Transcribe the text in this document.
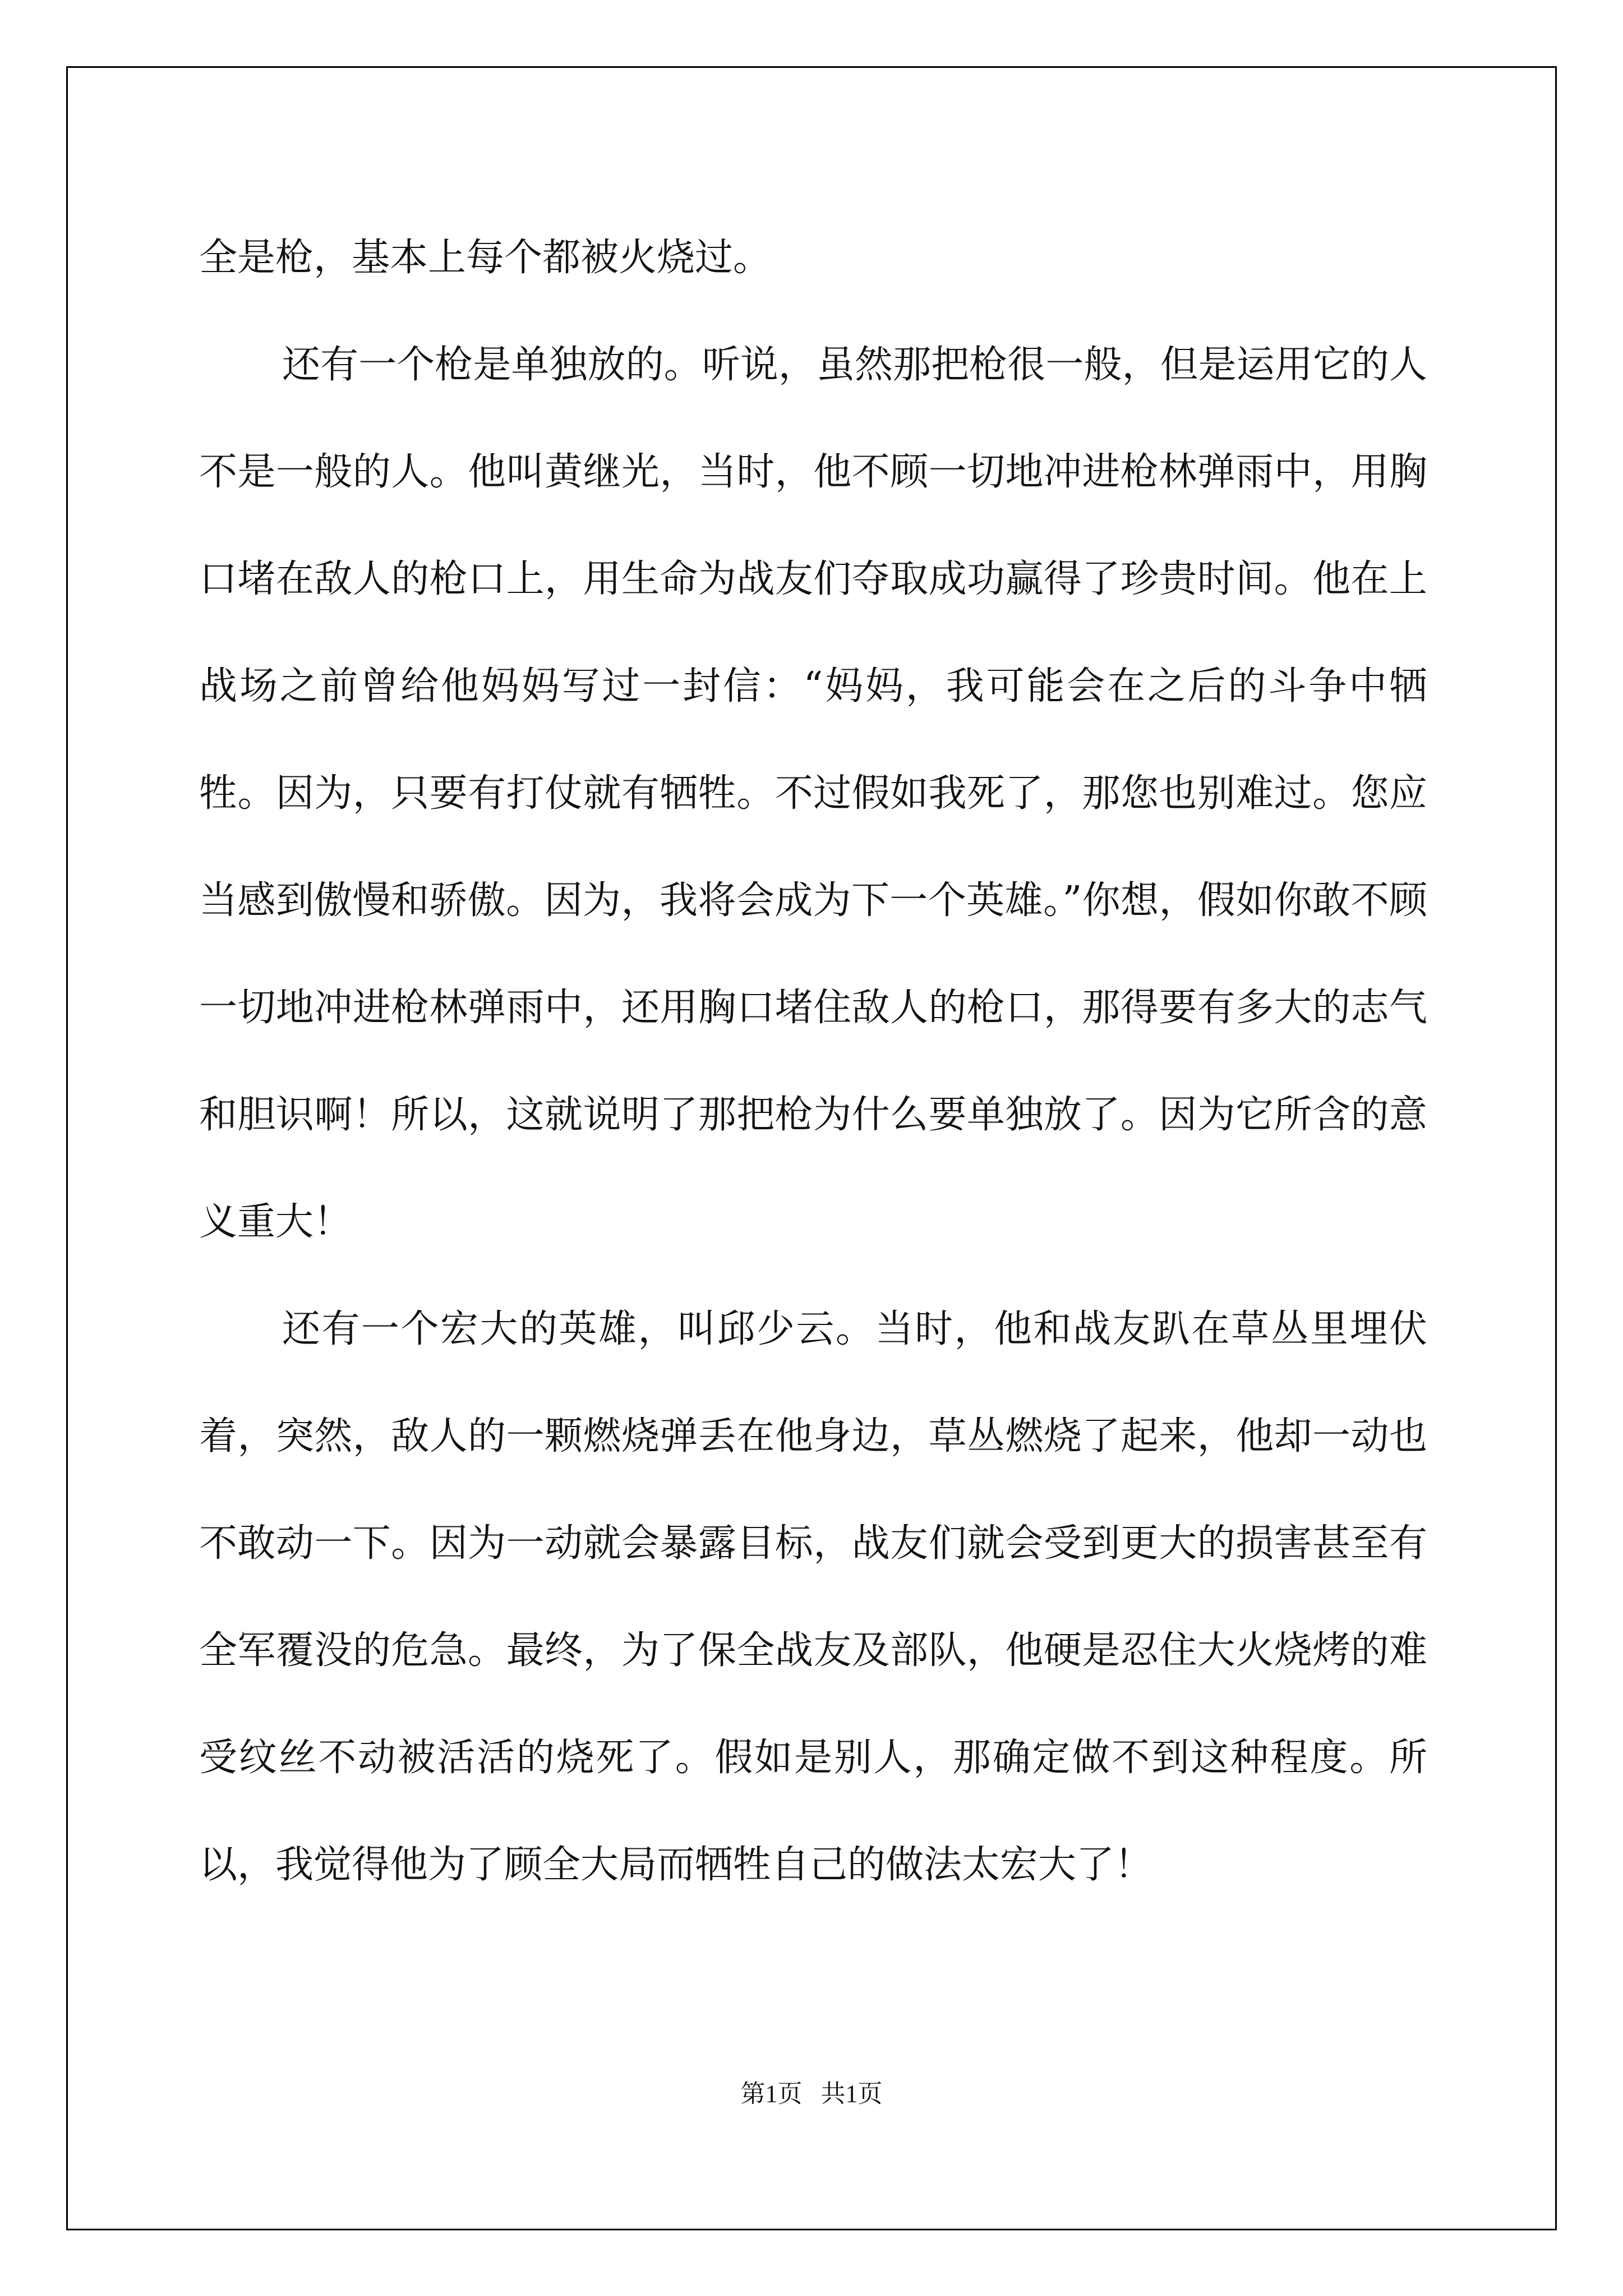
全是枪，基本上每个都被火烧过。

还有一个枪是单独放的。听说，虽然那把枪很一般，但是运用它的人不是一般的人。他叫黄继光，当时，他不顾一切地冲进枪林弹雨中，用胸口堵在敌人的枪口上，用生命为战友们夺取成功赢得了珍贵时间。他在上战场之前曾给他妈妈写过一封信：“妈妈，我可能会在之后的斗争中牺牲。因为，只要有打仗就有牺牲。不过假如我死了，那您也别难过。您应当感到傲慢和骄傲。因为，我将会成为下一个英雄。”你想，假如你敢不顾一切地冲进枪林弹雨中，还用胸口堵住敌人的枪口，那得要有多大的志气和胆识啊！所以，这就说明了那把枪为什么要单独放了。因为它所含的意义重大！

还有一个宏大的英雄，叫邱少云。当时，他和战友趴在草丛里埋伏着，突然，敌人的一颗燃烧弹丢在他身边，草丛燃烧了起来，他却一动也不敢动一下。因为一动就会暴露目标，战友们就会受到更大的损害甚至有全军覆没的危急。最终，为了保全战友及部队，他硬是忍住大火烧烤的难受纹丝不动被活活的烧死了。假如是别人，那确定做不到这种程度。所以，我觉得他为了顾全大局而牺牲自己的做法太宏大了！

第1页   共1页
